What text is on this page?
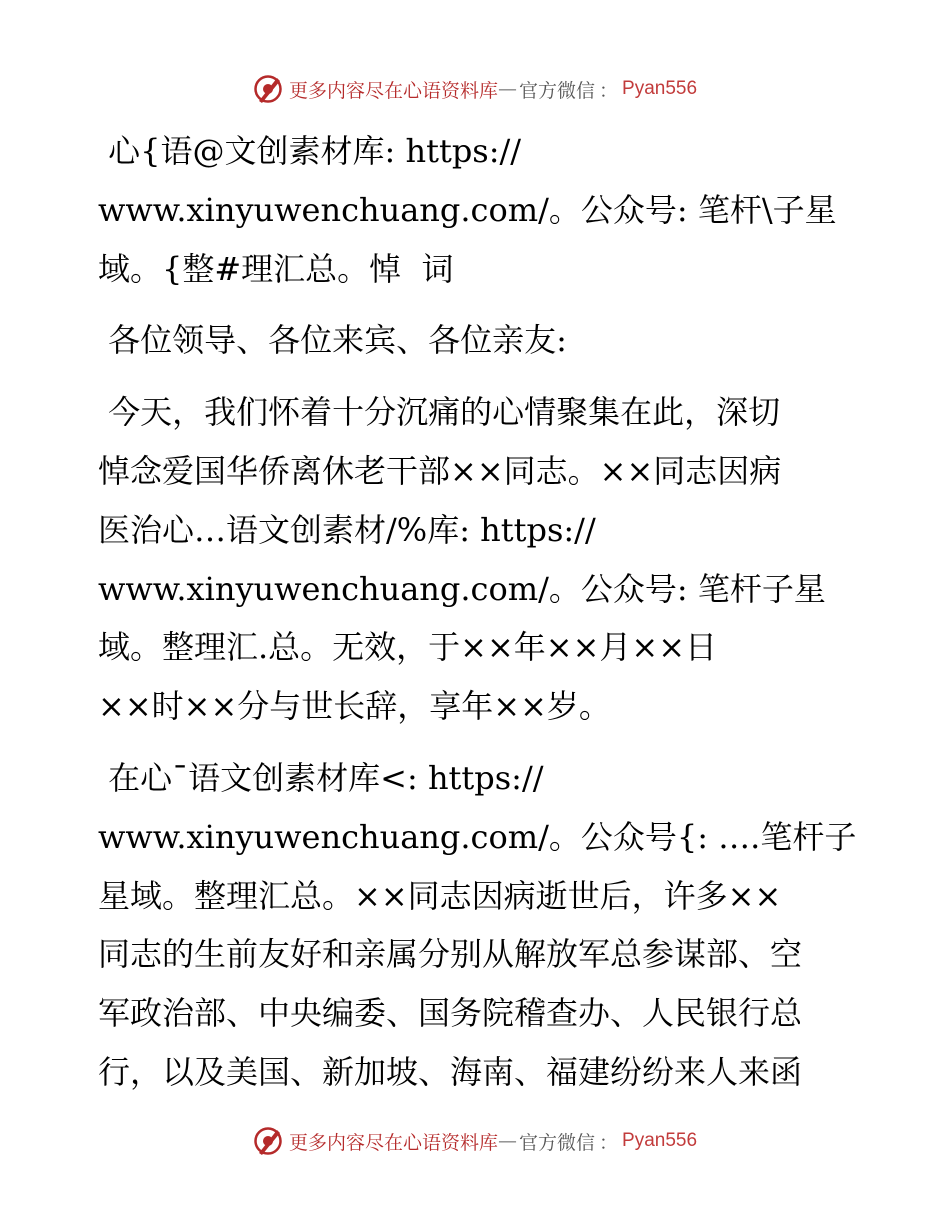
更多内容尽在心语资料库 — 官方微信 ： Pyan556

心{语@文创素材库: https://
www.xinyuwenchuang.com/。公众号: 笔杆\子星
域。{整#理汇总。悼  词

各位领导、各位来宾、各位亲友:

今天，我们怀着十分沉痛的心情聚集在此，深切
悼念爱国华侨离休老干部××同志。××同志因病
医治心…语文创素材/%库: https://
www.xinyuwenchuang.com/。公众号: 笔杆子星
域。整理汇.总。无效，于××年××月××日
××时××分与世长辞，享年××岁。

在心¯语文创素材库<: https://
www.xinyuwenchuang.com/。公众号{: ….笔杆子
星域。整理汇总。××同志因病逝世后，许多××
同志的生前友好和亲属分别从解放军总参谋部、空
军政治部、中央编委、国务院稽查办、人民银行总
行，以及美国、新加坡、海南、福建纷纷来人来函

更多内容尽在心语资料库 — 官方微信 ： Pyan556
